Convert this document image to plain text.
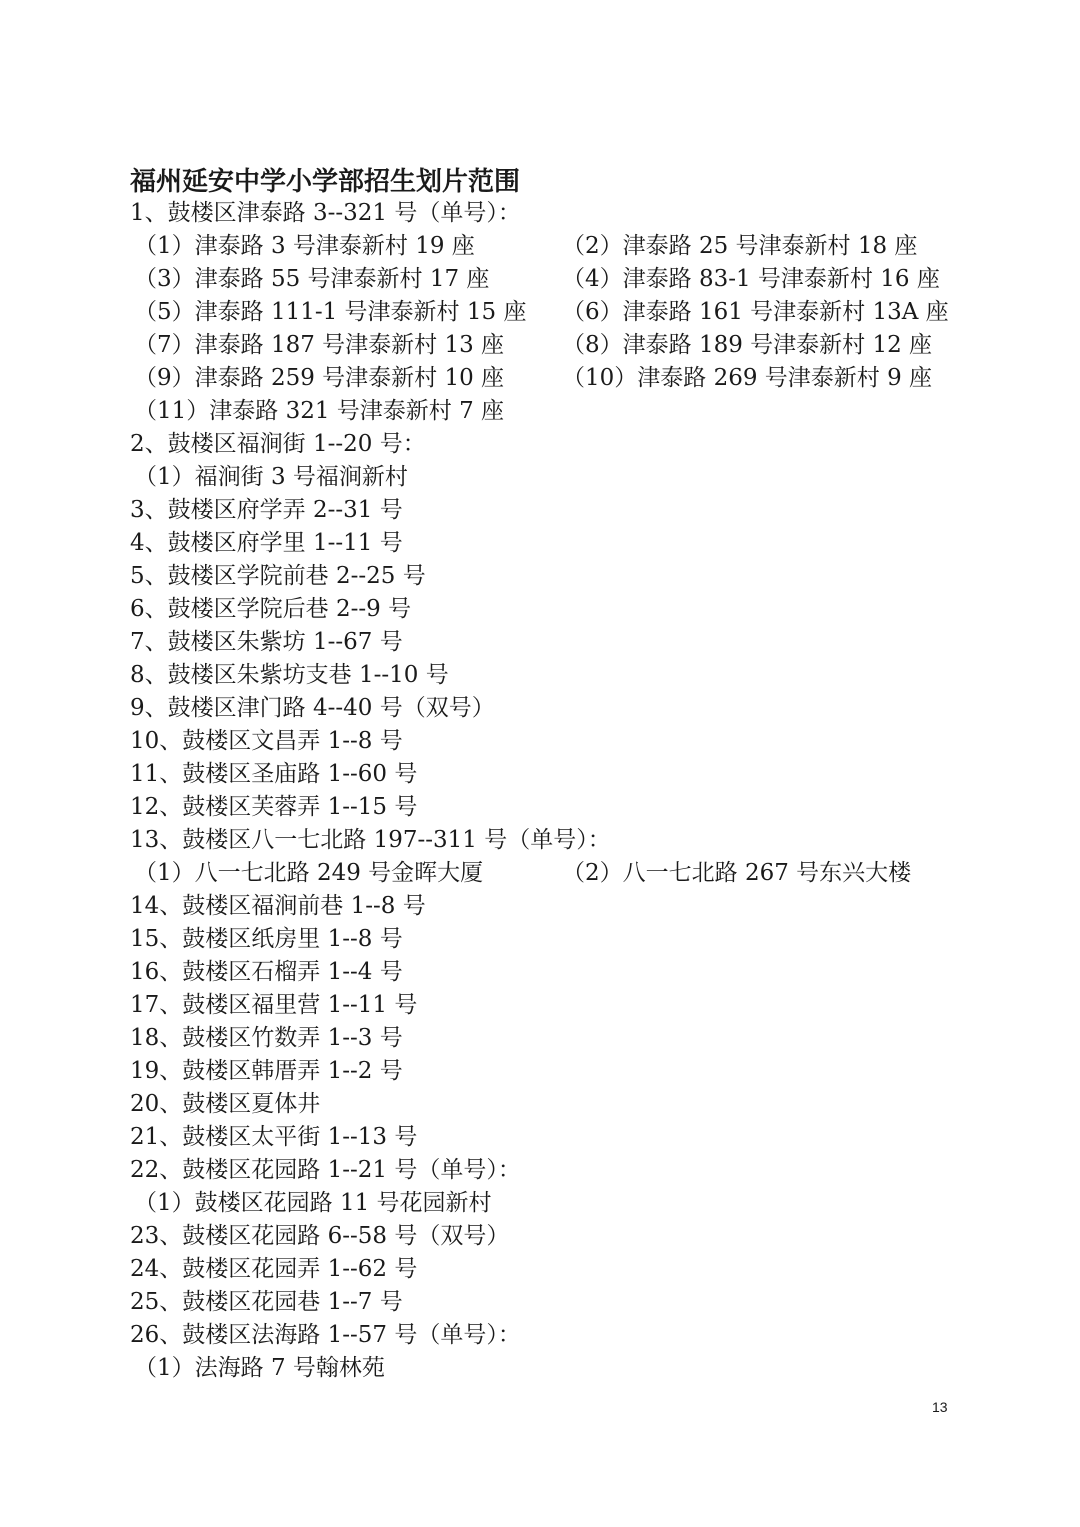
福州延安中学小学部招生划片范围
1、鼓楼区津泰路 3--321 号（单号）：
（1）津泰路 3 号津泰新村 19 座	（2）津泰路 25 号津泰新村 18 座
（3）津泰路 55 号津泰新村 17 座	（4）津泰路 83-1 号津泰新村 16 座
（5）津泰路 111-1 号津泰新村 15 座 （6）津泰路 161 号津泰新村 13A 座
（7）津泰路 187 号津泰新村 13 座	（8）津泰路 189 号津泰新村 12 座
（9）津泰路 259 号津泰新村 10 座	（10）津泰路 269 号津泰新村 9 座
（11）津泰路 321 号津泰新村 7 座
2、鼓楼区福涧街 1--20 号：
（1）福涧街 3 号福涧新村
3、鼓楼区府学弄 2--31 号
4、鼓楼区府学里 1--11 号
5、鼓楼区学院前巷 2--25 号
6、鼓楼区学院后巷 2--9 号
7、鼓楼区朱紫坊 1--67 号
8、鼓楼区朱紫坊支巷 1--10 号
9、鼓楼区津门路 4--40 号（双号）
10、鼓楼区文昌弄 1--8 号
11、鼓楼区圣庙路 1--60 号
12、鼓楼区芙蓉弄 1--15 号
13、鼓楼区八一七北路 197--311 号（单号）：
（1）八一七北路 249 号金晖大厦	（2）八一七北路 267 号东兴大楼
14、鼓楼区福涧前巷 1--8 号
15、鼓楼区纸房里 1--8 号
16、鼓楼区石榴弄 1--4 号
17、鼓楼区福里营 1--11 号
18、鼓楼区竹数弄 1--3 号
19、鼓楼区韩厝弄 1--2 号
20、鼓楼区夏体井
21、鼓楼区太平街 1--13 号
22、鼓楼区花园路 1--21 号（单号）：
（1）鼓楼区花园路 11 号花园新村
23、鼓楼区花园路 6--58 号（双号）
24、鼓楼区花园弄 1--62 号
25、鼓楼区花园巷 1--7 号
26、鼓楼区法海路 1--57 号（单号）：
（1）法海路 7 号翰林苑
13
